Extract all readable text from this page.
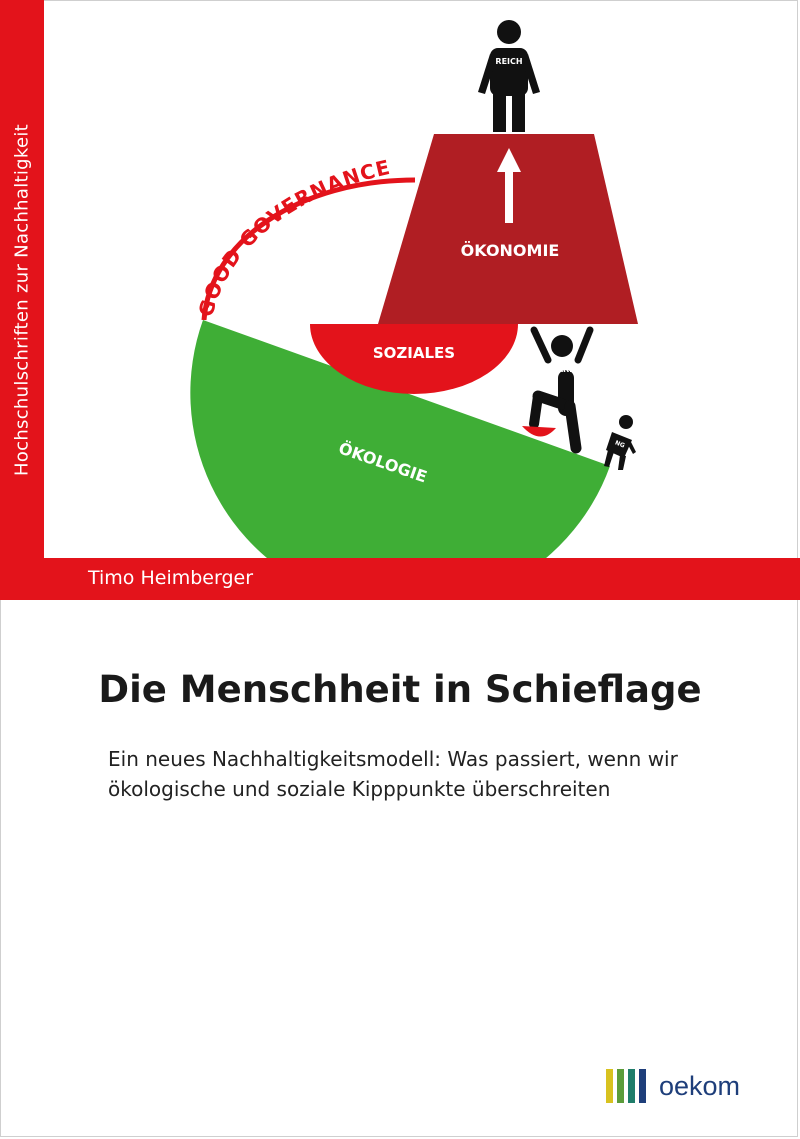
Hochschulschriften zur Nachhaltigkeit	GOOD GOVERNANCE
ÖKOLOGIE
SOZIALES
ÖKONOMIE
REICH
ARM
NG
Timo Heimberger
Die Menschheit in Schieflage
Ein neues Nachhaltigkeitsmodell: Was passiert, wenn wir
ökologische und soziale Kipppunkte überschreiten
oekom
